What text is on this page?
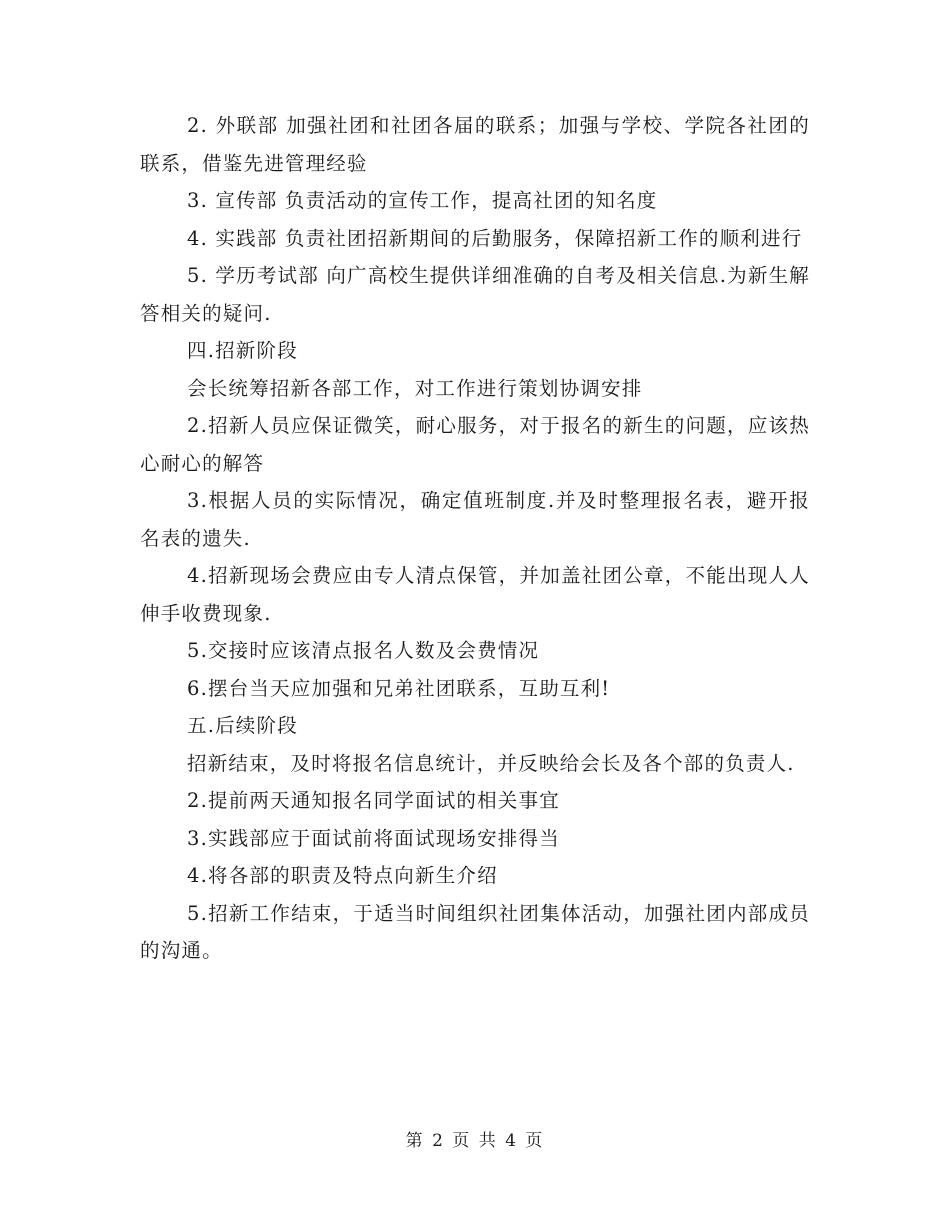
2. 外联部 加强社团和社团各届的联系；加强与学校、学院各社团的联系，借鉴先进管理经验

3. 宣传部 负责活动的宣传工作，提高社团的知名度

4. 实践部 负责社团招新期间的后勤服务，保障招新工作的顺利进行

5. 学历考试部 向广高校生提供详细准确的自考及相关信息.为新生解答相关的疑问.

四.招新阶段

会长统筹招新各部工作，对工作进行策划协调安排

2.招新人员应保证微笑，耐心服务，对于报名的新生的问题，应该热心耐心的解答

3.根据人员的实际情况，确定值班制度.并及时整理报名表，避开报名表的遗失.

4.招新现场会费应由专人清点保管，并加盖社团公章，不能出现人人伸手收费现象.

5.交接时应该清点报名人数及会费情况

6.摆台当天应加强和兄弟社团联系，互助互利!

五.后续阶段

招新结束，及时将报名信息统计，并反映给会长及各个部的负责人.

2.提前两天通知报名同学面试的相关事宜

3.实践部应于面试前将面试现场安排得当

4.将各部的职责及特点向新生介绍

5.招新工作结束，于适当时间组织社团集体活动，加强社团内部成员的沟通。

第 2 页 共 4 页
